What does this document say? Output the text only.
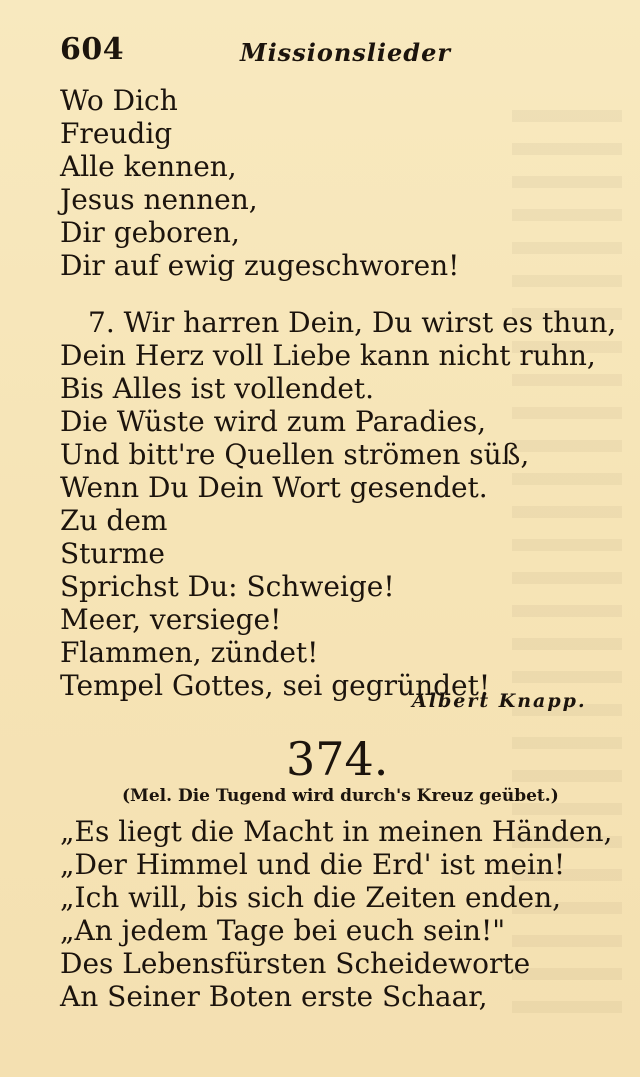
604	Missionslieder
Wo Dich
Freudig
Alle kennen,
Jesus nennen,
Dir geboren,
Dir auf ewig zugeschworen!
7. Wir harren Dein, Du wirst es thun,
Dein Herz voll Liebe kann nicht ruhn,
Bis Alles ist vollendet.
Die Wüste wird zum Paradies,
Und bitt're Quellen strömen süß,
Wenn Du Dein Wort gesendet.
Zu dem
Sturme
Sprichst Du: Schweige!
Meer, versiege!
Flammen, zündet!
Tempel Gottes, sei gegründet!
Albert Knapp.
374.
(Mel. Die Tugend wird durch's Kreuz geübet.)
„Es liegt die Macht in meinen Händen,
„Der Himmel und die Erd' ist mein!
„Ich will, bis sich die Zeiten enden,
„An jedem Tage bei euch sein!"
Des Lebensfürsten Scheideworte
An Seiner Boten erste Schaar,
